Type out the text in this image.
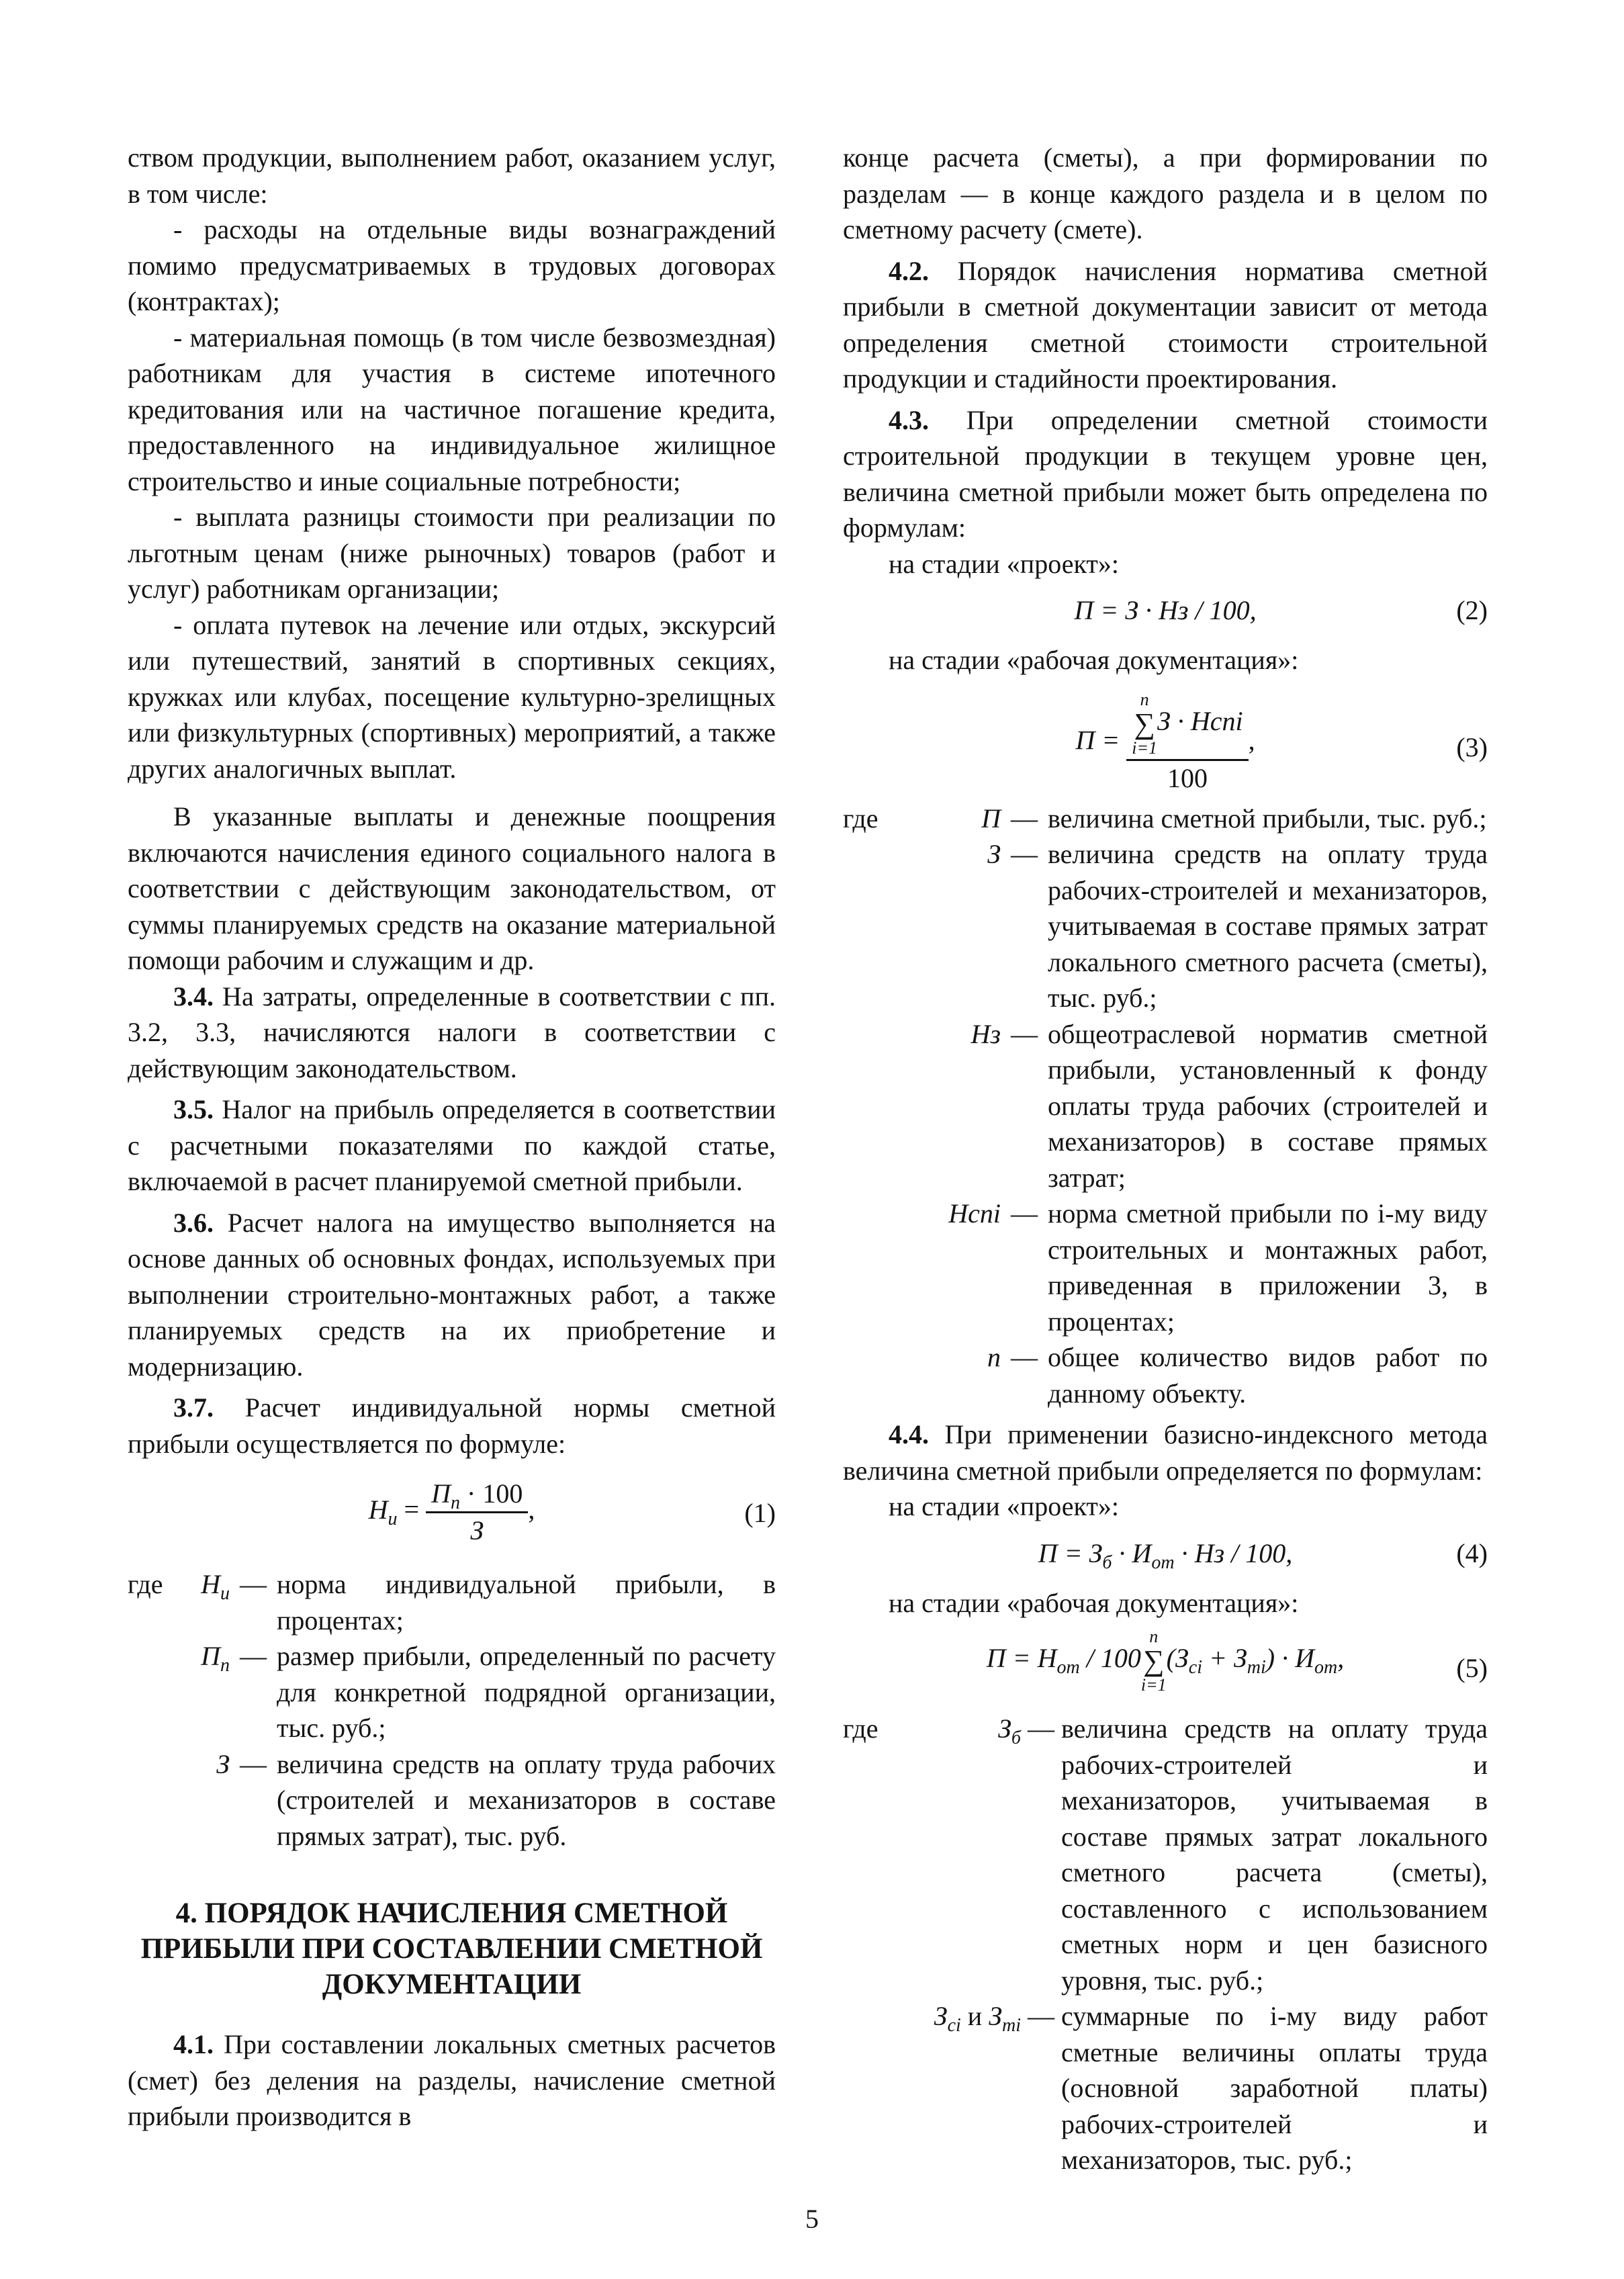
ством продукции, выполнением работ, оказанием услуг, в том числе:

- расходы на отдельные виды вознаграждений помимо предусматриваемых в трудовых договорах (контрактах);

- материальная помощь (в том числе безвозмездная) работникам для участия в системе ипотечного кредитования или на частичное погашение кредита, предоставленного на индивидуальное жилищное строительство и иные социальные потребности;

- выплата разницы стоимости при реализации по льготным ценам (ниже рыночных) товаров (работ и услуг) работникам организации;

- оплата путевок на лечение или отдых, экскурсий или путешествий, занятий в спортивных секциях, кружках или клубах, посещение культурно-зрелищных или физкультурных (спортивных) мероприятий, а также других аналогичных выплат.

В указанные выплаты и денежные поощрения включаются начисления единого социального налога в соответствии с действующим законодательством, от суммы планируемых средств на оказание материальной помощи рабочим и служащим и др.

3.4. На затраты, определенные в соответствии с пп. 3.2, 3.3, начисляются налоги в соответствии с действующим законодательством.

3.5. Налог на прибыль определяется в соответствии с расчетными показателями по каждой статье, включаемой в расчет планируемой сметной прибыли.

3.6. Расчет налога на имущество выполняется на основе данных об основных фондах, используемых при выполнении строительно-монтажных работ, а также планируемых средств на их приобретение и модернизацию.

3.7. Расчет индивидуальной нормы сметной прибыли осуществляется по формуле:

$Н_и = \frac{П_п \cdot 100}{З}$ ,	(1)
где	$Н_и$	—	норма индивидуальной прибыли, в процентах;
	$П_п$	—	размер прибыли, определенный по расчету для конкретной подрядной организации, тыс. руб.;
	З	—	величина средств на оплату труда рабочих (строителей и механизаторов в составе прямых затрат), тыс. руб.
4. ПОРЯДОК НАЧИСЛЕНИЯ СМЕТНОЙ ПРИБЫЛИ ПРИ СОСТАВЛЕНИИ СМЕТНОЙ ДОКУМЕНТАЦИИ

4.1. При составлении локальных сметных расчетов (смет) без деления на разделы, начисление сметной прибыли производится в

конце расчета (сметы), а при формировании по разделам — в конце каждого раздела и в целом по сметному расчету (смете).

4.2. Порядок начисления норматива сметной прибыли в сметной документации зависит от метода определения сметной стоимости строительной продукции и стадийности проектирования.

4.3. При определении сметной стоимости строительной продукции в текущем уровне цен, величина сметной прибыли может быть определена по формулам:

на стадии «проект»:

П = З · Нз / 100,	(2)

на стадии «рабочая документация»:

П = n
∑
i=1
З · Нспi
100 ,	(3)
где	П	—	величина сметной прибыли, тыс. руб.;
	З	—	величина средств на оплату труда рабочих-строителей и механизаторов, учитываемая в составе прямых затрат локального сметного расчета (сметы), тыс. руб.;
	Нз	—	общеотраслевой норматив сметной прибыли, установленный к фонду оплаты труда рабочих (строителей и механизаторов) в составе прямых затрат;
	Нспi	—	норма сметной прибыли по i-му виду строительных и монтажных работ, приведенная в приложении 3, в процентах;
	n	—	общее количество видов работ по данному объекту.

4.4. При применении базисно-индексного метода величина сметной прибыли определяется по формулам:

на стадии «проект»:

$П = З_б \cdot И_{от}$ · Нз / 100,	(4)

на стадии «рабочая документация»:

$П = Н_{от} / 100$
n
∑
i=1
$(З_{ci} + З_{mi}) \cdot И_{от}$,	(5)
где	$З_б$	—	величина средств на оплату труда рабочих-строителей и механизаторов, учитываемая в составе прямых затрат локального сметного расчета (сметы), составленного с использованием сметных норм и цен базисного уровня, тыс. руб.;
	$З_{ci}$ и $З_{mi}$	—	суммарные по i-му виду работ сметные величины оплаты труда (основной заработной платы) рабочих-строителей и механизаторов, тыс. руб.;
5
